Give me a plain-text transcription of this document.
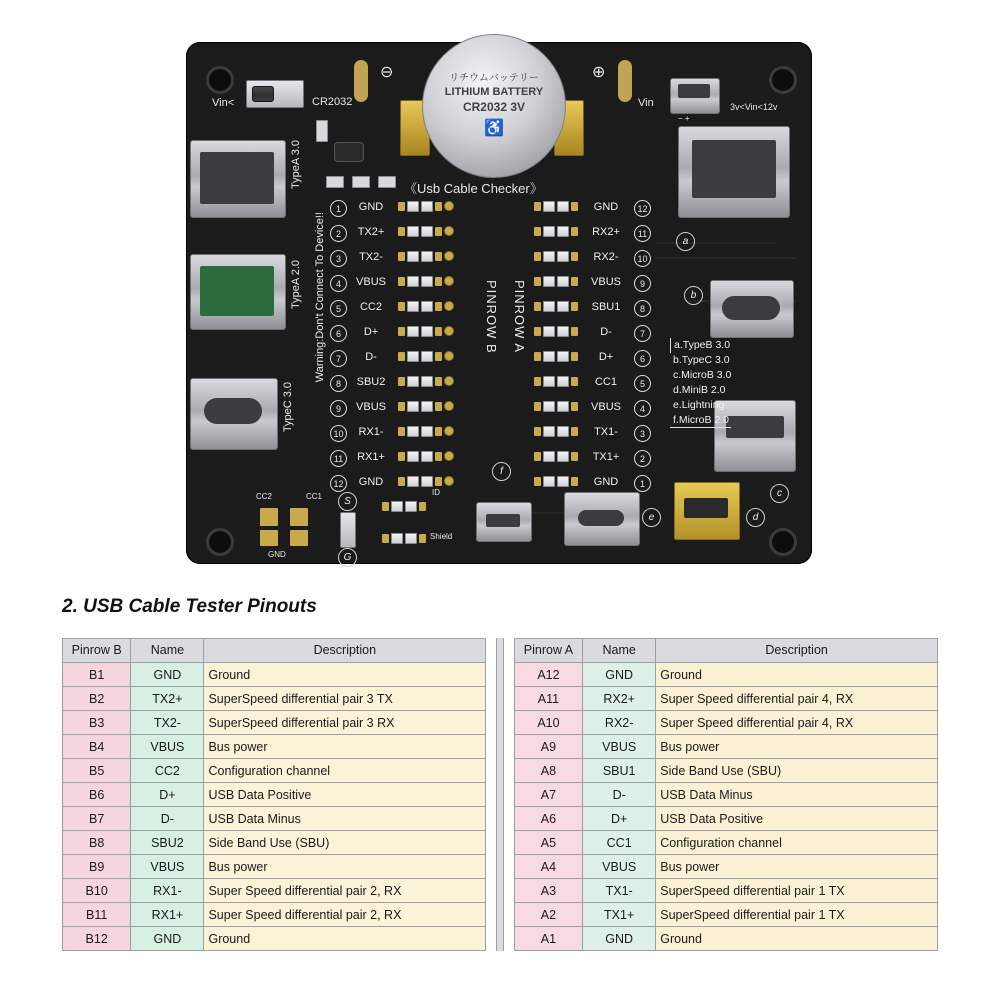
Vin<	CR2032
⊖	⊕
リチウムバッテリー
LITHIUM BATTERY
CR2032 3V
♿
Vin	3v<Vin<12v
− +
《Usb Cable Checker》
TypeA 3.0
TypeA 2.0
TypeC 3.0
Warning:Don't Connect To Device!!	a
b
c
d
e
f
a.TypeB 3.0
b.TypeC 3.0
c.MicroB 3.0
d.MiniB 2.0
e.Lightning
f.MicroB 2.0
PINROW B PINROW A
1	GND
2	TX2+
3	TX2-
4	VBUS
5	CC2
6	D+
7	D-
8	SBU2
9	VBUS
10	RX1-
11	RX1+
12	GND
GND	12
RX2+	11
RX2-	10
VBUS	9
SBU1	8
D-	7
D+	6
CC1	5
VBUS	4
TX1-	3
TX1+	2
GND	1
CC2	CC1
GND
S
G
ID
Shield
2. USB Cable Tester Pinouts
Pinrow B	Name	Description
B1	GND	Ground
B2	TX2+	SuperSpeed differential pair 3 TX
B3	TX2-	SuperSpeed differential pair 3 RX
B4	VBUS	Bus power
B5	CC2	Configuration channel
B6	D+	USB Data Positive
B7	D-	USB Data Minus
B8	SBU2	Side Band Use (SBU)
B9	VBUS	Bus power
B10	RX1-	Super Speed differential pair 2, RX
B11	RX1+	Super Speed differential pair 2, RX
B12	GND	Ground
Pinrow A	Name	Description
A12	GND	Ground
A11	RX2+	Super Speed differential pair 4, RX
A10	RX2-	Super Speed differential pair 4, RX
A9	VBUS	Bus power
A8	SBU1	Side Band Use (SBU)
A7	D-	USB Data Minus
A6	D+	USB Data Positive
A5	CC1	Configuration channel
A4	VBUS	Bus power
A3	TX1-	SuperSpeed differential pair 1 TX
A2	TX1+	SuperSpeed differential pair 1 TX
A1	GND	Ground
